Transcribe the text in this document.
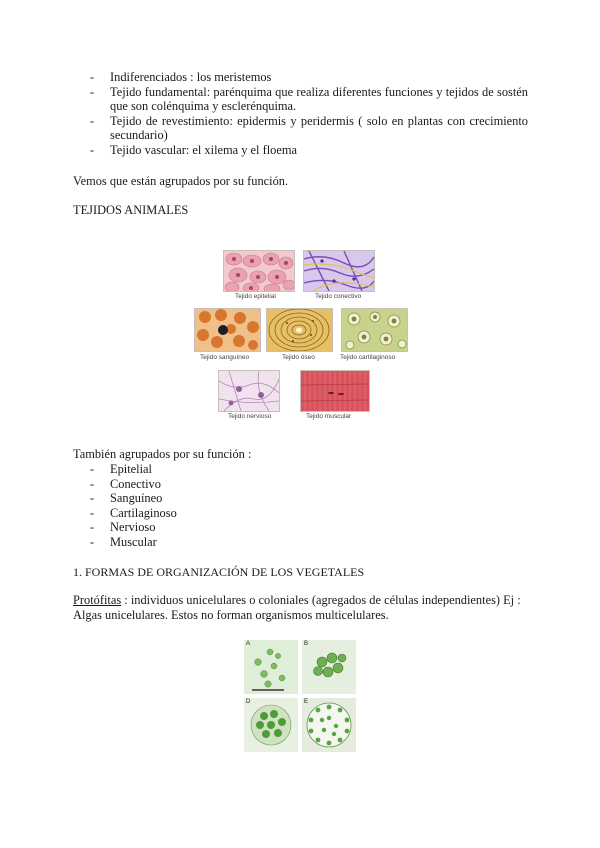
- Indiferenciados : los meristemos
- Tejido fundamental: parénquima que realiza diferentes funciones y tejidos de sostén que son colénquima y esclerénquima.
- Tejido de revestimiento: epidermis y peridermis ( solo en plantas con crecimiento secundario)
- Tejido vascular: el xilema y el floema

Vemos que están agrupados por su función.

TEJIDOS ANIMALES

Tejido epitelial	Tejido conectivo
Tejido sanguíneo	Tejido óseo	Tejido cartilaginoso
Tejido nervioso	Tejido muscular

También agrupados por su función :

- Epitelial
- Conectivo
- Sanguíneo
- Cartilaginoso
- Nervioso
- Muscular

1. FORMAS DE ORGANIZACIÓN DE LOS VEGETALES

Protófitas : individuos unicelulares o coloniales (agregados de células independientes) Ej : Algas unicelulares. Estos no forman organismos multicelulares.

A	B
D	E
